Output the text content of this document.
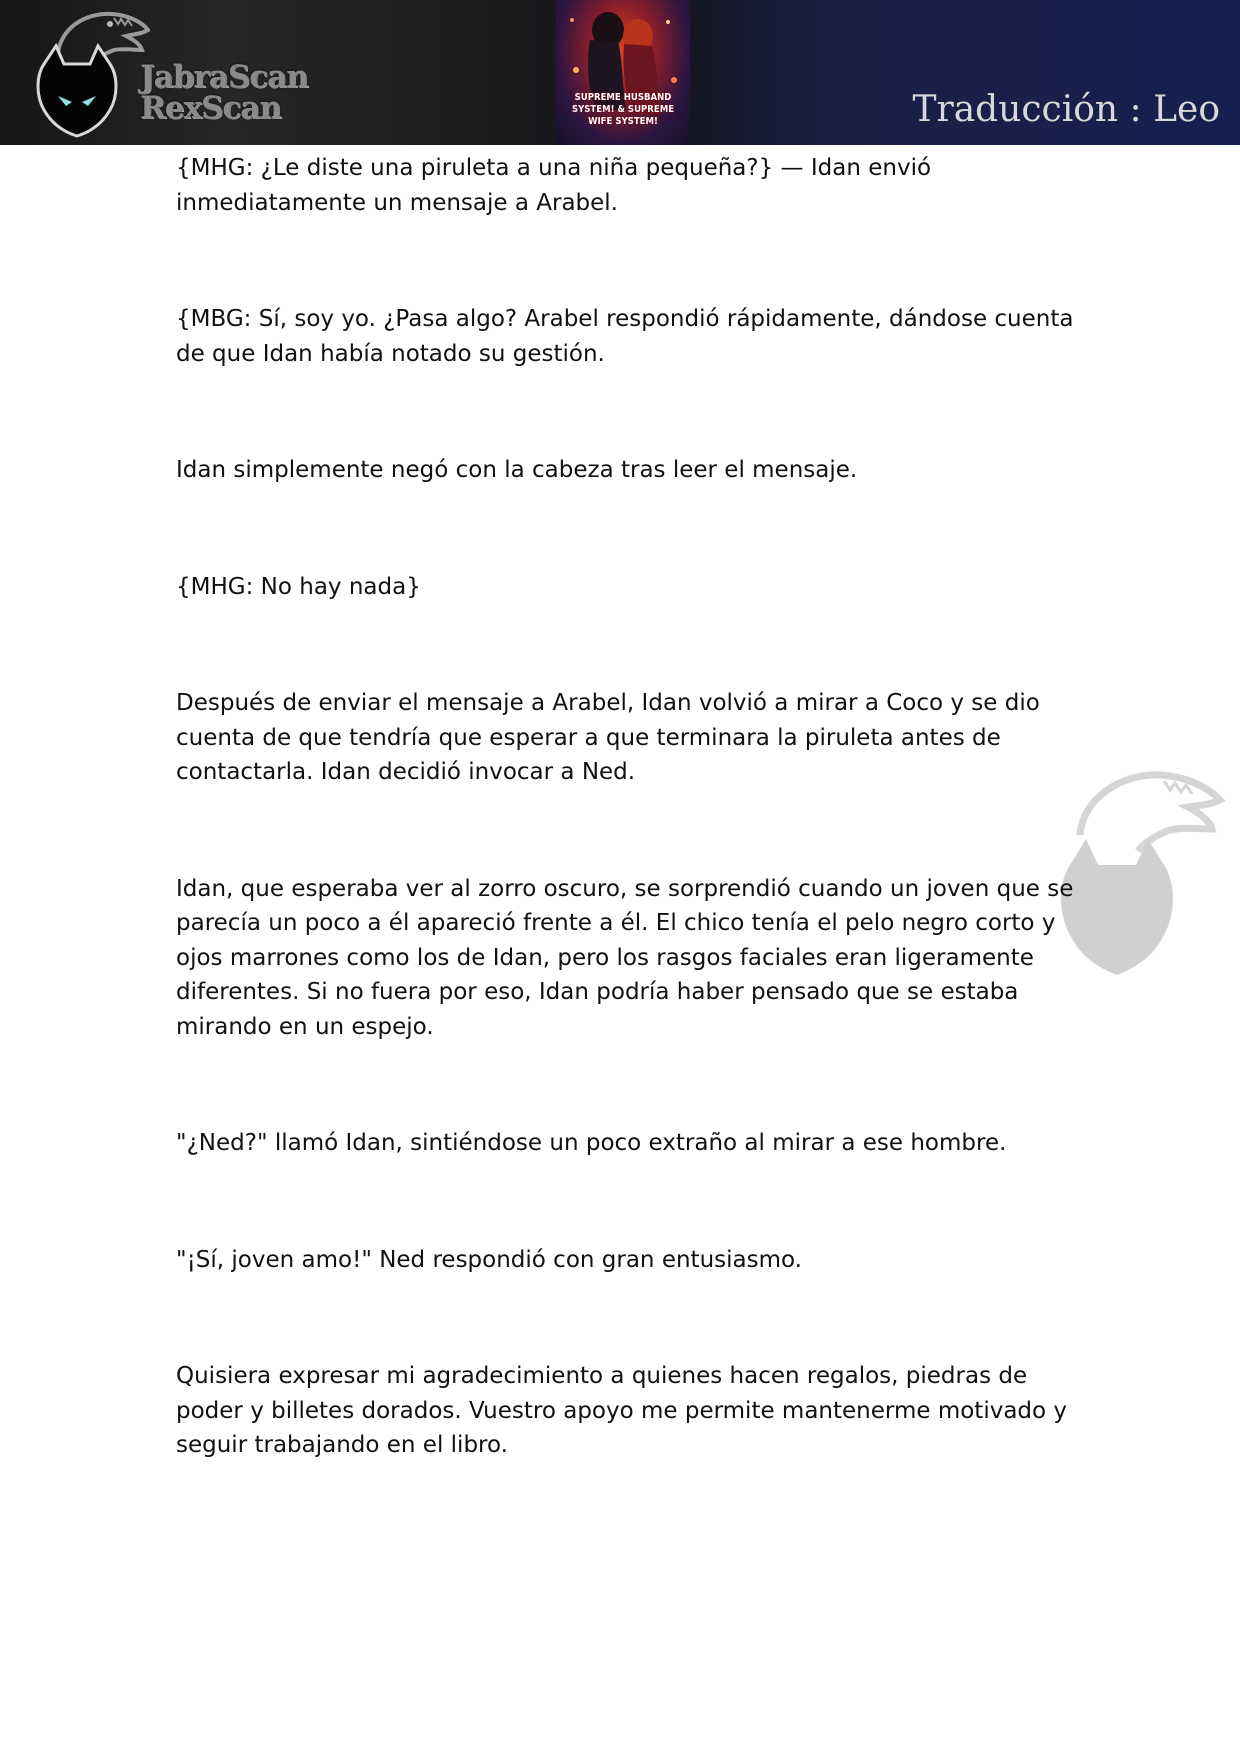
JabraScan
RexScan	SUPREME HUSBAND
SYSTEM! & SUPREME
WIFE SYSTEM!	Traducción : Leo

{MHG: ¿Le diste una piruleta a una niña pequeña?} — Idan envió inmediatamente un mensaje a Arabel.

{MBG: Sí, soy yo. ¿Pasa algo? Arabel respondió rápidamente, dándose cuenta de que Idan había notado su gestión.

Idan simplemente negó con la cabeza tras leer el mensaje.

{MHG: No hay nada}

Después de enviar el mensaje a Arabel, Idan volvió a mirar a Coco y se dio cuenta de que tendría que esperar a que terminara la piruleta antes de contactarla. Idan decidió invocar a Ned.

Idan, que esperaba ver al zorro oscuro, se sorprendió cuando un joven que se parecía un poco a él apareció frente a él. El chico tenía el pelo negro corto y ojos marrones como los de Idan, pero los rasgos faciales eran ligeramente diferentes. Si no fuera por eso, Idan podría haber pensado que se estaba mirando en un espejo.

"¿Ned?" llamó Idan, sintiéndose un poco extraño al mirar a ese hombre.

"¡Sí, joven amo!" Ned respondió con gran entusiasmo.

Quisiera expresar mi agradecimiento a quienes hacen regalos, piedras de poder y billetes dorados. Vuestro apoyo me permite mantenerme motivado y seguir trabajando en el libro.
